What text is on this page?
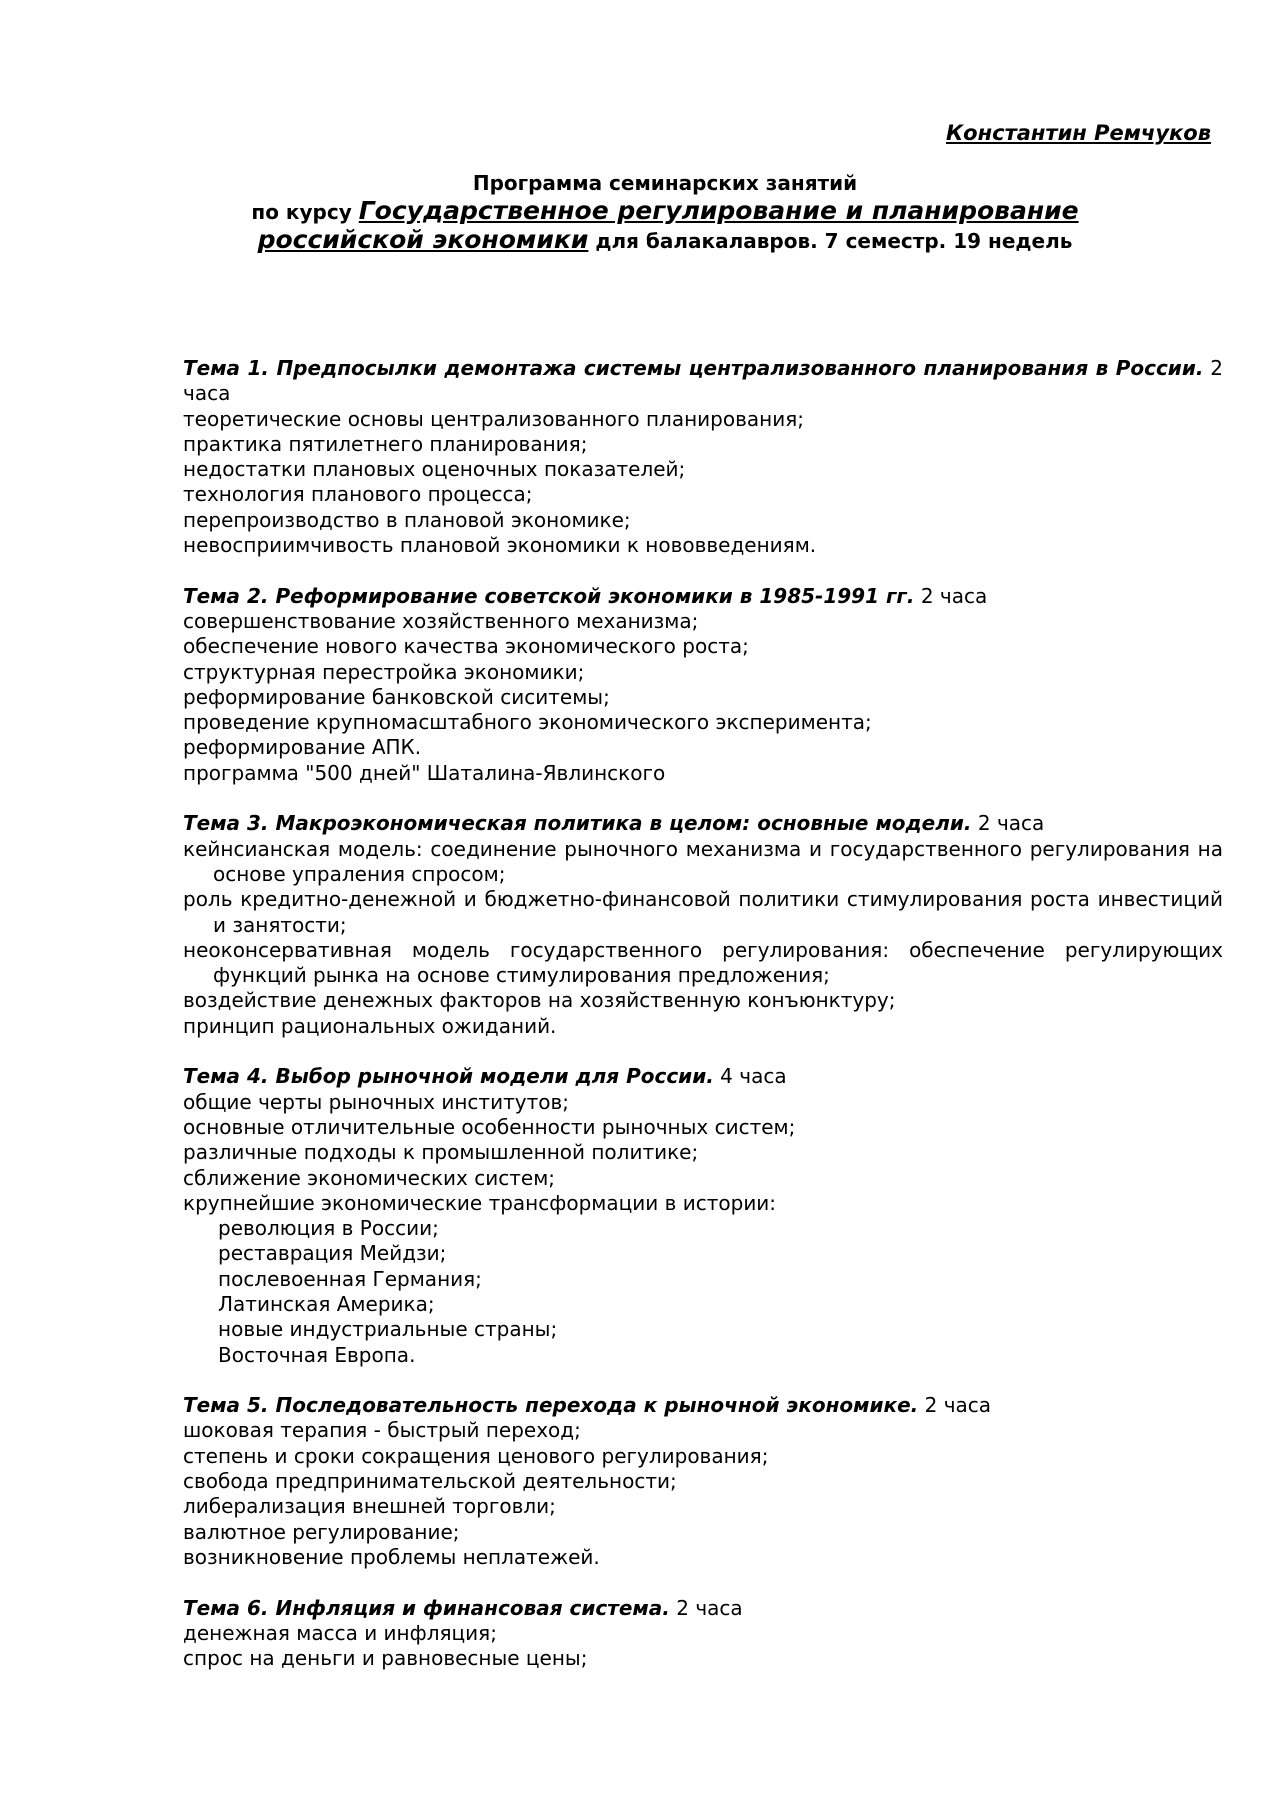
Константин Ремчуков
Программа семинарских занятий
по курсу Государственное регулирование и планирование
российской экономики для балакалавров. 7 семестр. 19 недель
Тема 1. Предпосылки демонтажа системы централизованного планирования в России. 2 часа
теоретические основы централизованного планирования;
практика пятилетнего планирования;
недостатки плановых оценочных показателей;
технология планового процесса;
перепроизводство в плановой экономике;
невосприимчивость плановой экономики к нововведениям.
Тема 2. Реформирование советской экономики в 1985-1991 гг. 2 часа
совершенствование хозяйственного механизма;
обеспечение нового качества экономического роста;
структурная перестройка экономики;
реформирование банковской сиситемы;
проведение крупномасштабного экономического эксперимента;
реформирование АПК.
программа "500 дней" Шаталина-Явлинского
Тема 3. Макроэкономическая политика в целом: основные модели. 2 часа
кейнсианская модель: соединение рыночного механизма и государственного регулирования на основе упраления спросом;
роль кредитно-денежной и бюджетно-финансовой политики стимулирования роста инвестиций и занятости;
неоконсервативная модель государственного регулирования: обеспечение регулирующих функций рынка на основе стимулирования предложения;
воздействие денежных факторов на хозяйственную конъюнктуру;
принцип рациональных ожиданий.
Тема 4. Выбор рыночной модели для России. 4 часа
общие черты рыночных институтов;
основные отличительные особенности рыночных систем;
различные подходы к промышленной политике;
сближение экономических систем;
крупнейшие экономические трансформации в истории:
революция в России;
реставрация Мейдзи;
послевоенная Германия;
Латинская Америка;
новые индустриальные страны;
Восточная Европа.
Тема 5. Последовательность перехода к рыночной экономике. 2 часа
шоковая терапия - быстрый переход;
степень и сроки сокращения ценового регулирования;
свобода предпринимательской деятельности;
либерализация внешней торговли;
валютное регулирование;
возникновение проблемы неплатежей.
Тема 6. Инфляция и финансовая система. 2 часа
денежная масса и инфляция;
спрос на деньги и равновесные цены;
